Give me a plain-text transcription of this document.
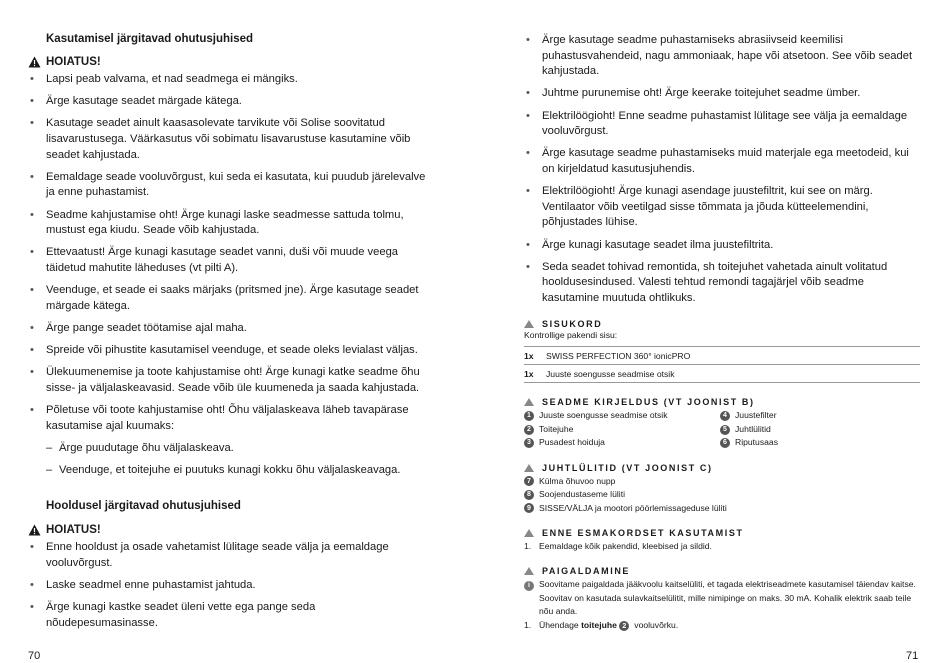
Kasutamisel järgitavad ohutusjuhised

HOIATUS!
• Lapsi peab valvama, et nad seadmega ei mängiks.
• Ärge kasutage seadet märgade kätega.
• Kasutage seadet ainult kaasasolevate tarvikute või Solise soovitatud lisavarustusega. Väärkasutus või sobimatu lisavarustuse kasutamine võib seadet kahjustada.
• Eemaldage seade vooluvõrgust, kui seda ei kasutata, kui puudub järelevalve ja enne puhastamist.
• Seadme kahjustamise oht! Ärge kunagi laske seadmesse sattuda tolmu, mustust ega kiudu. Seade võib kahjustada.
• Ettevaatust! Ärge kunagi kasutage seadet vanni, duši või muude veega täidetud mahutite läheduses (vt pilti A).
• Veenduge, et seade ei saaks märjaks (pritsmed jne). Ärge kasutage seadet märgade kätega.
• Ärge pange seadet töötamise ajal maha.
• Spreide või pihustite kasutamisel veenduge, et seade oleks levialast väljas.
• Ülekuumenemise ja toote kahjustamise oht! Ärge kunagi katke seadme õhu sisse- ja väljalaskeavasid. Seade võib üle kuumeneda ja saada kahjustada.
• Põletuse või toote kahjustamise oht! Õhu väljalaskeava läheb tavapärase kasutamise ajal kuumaks:
– Ärge puudutage õhu väljalaskeava.
– Veenduge, et toitejuhe ei puutuks kunagi kokku õhu väljalaskeavaga.

Hooldusel järgitavad ohutusjuhised

HOIATUS!
• Enne hooldust ja osade vahetamist lülitage seade välja ja eemaldage vooluvõrgust.
• Laske seadmel enne puhastamist jahtuda.
• Ärge kunagi kastke seadet üleni vette ega pange seda nõudepesumasinasse.
70
• Ärge kasutage seadme puhastamiseks abrasiivseid keemilisi puhastusvahendeid, nagu ammoniaak, hape või atsetoon. See võib seadet kahjustada.
• Juhtme purunemise oht! Ärge keerake toitejuhet seadme ümber.
• Elektrilöögioht! Enne seadme puhastamist lülitage see välja ja eemaldage vooluvõrgust.
• Ärge kasutage seadme puhastamiseks muid materjale ega meetodeid, kui on kirjeldatud kasutusjuhendis.
• Elektrilöögioht! Ärge kunagi asendage juustefiltrit, kui see on märg. Ventilaator võib veetilgad sisse tõmmata ja jõuda kütteelemendini, põhjustades lühise.
• Ärge kunagi kasutage seadet ilma juustefiltrita.
• Seda seadet tohivad remontida, sh toitejuhet vahetada ainult volitatud hooldusesindused. Valesti tehtud remondi tagajärjel võib seadme kasutamine muutuda ohtlikuks.
SISUKORD
Kontrollige pakendi sisu:
1x	SWISS PERFECTION 360° ionicPRO
1x	Juuste soengusse seadmise otsik
SEADME KIRJELDUS (VT JOONIST B)
1 Juuste soengusse seadmise otsik
2 Toitejuhe
3 Pusadest hoiduja
4 Juustefilter
5 Juhtlülitid
6 Riputusaas
JUHTLÜLITID (VT JOONIST C)
7 Külma õhuvoo nupp
8 Soojendustaseme lüliti
9 SISSE/VÄLJA ja mootori pöörlemissageduse lüliti
ENNE ESMAKORDSET KASUTAMIST
1. Eemaldage kõik pakendid, kleebised ja sildid.
PAIGALDAMINE
i	Soovitame paigaldada jääkvoolu kaitselüliti, et tagada elektriseadmete kasutamisel täiendav kaitse.
Soovitav on kasutada sulavkaitselülitit, mille nimipinge on maks. 30 mA. Kohalik elektrik saab teile
nõu anda.
1. Ühendage toitejuhe 2 vooluvõrku.
71
